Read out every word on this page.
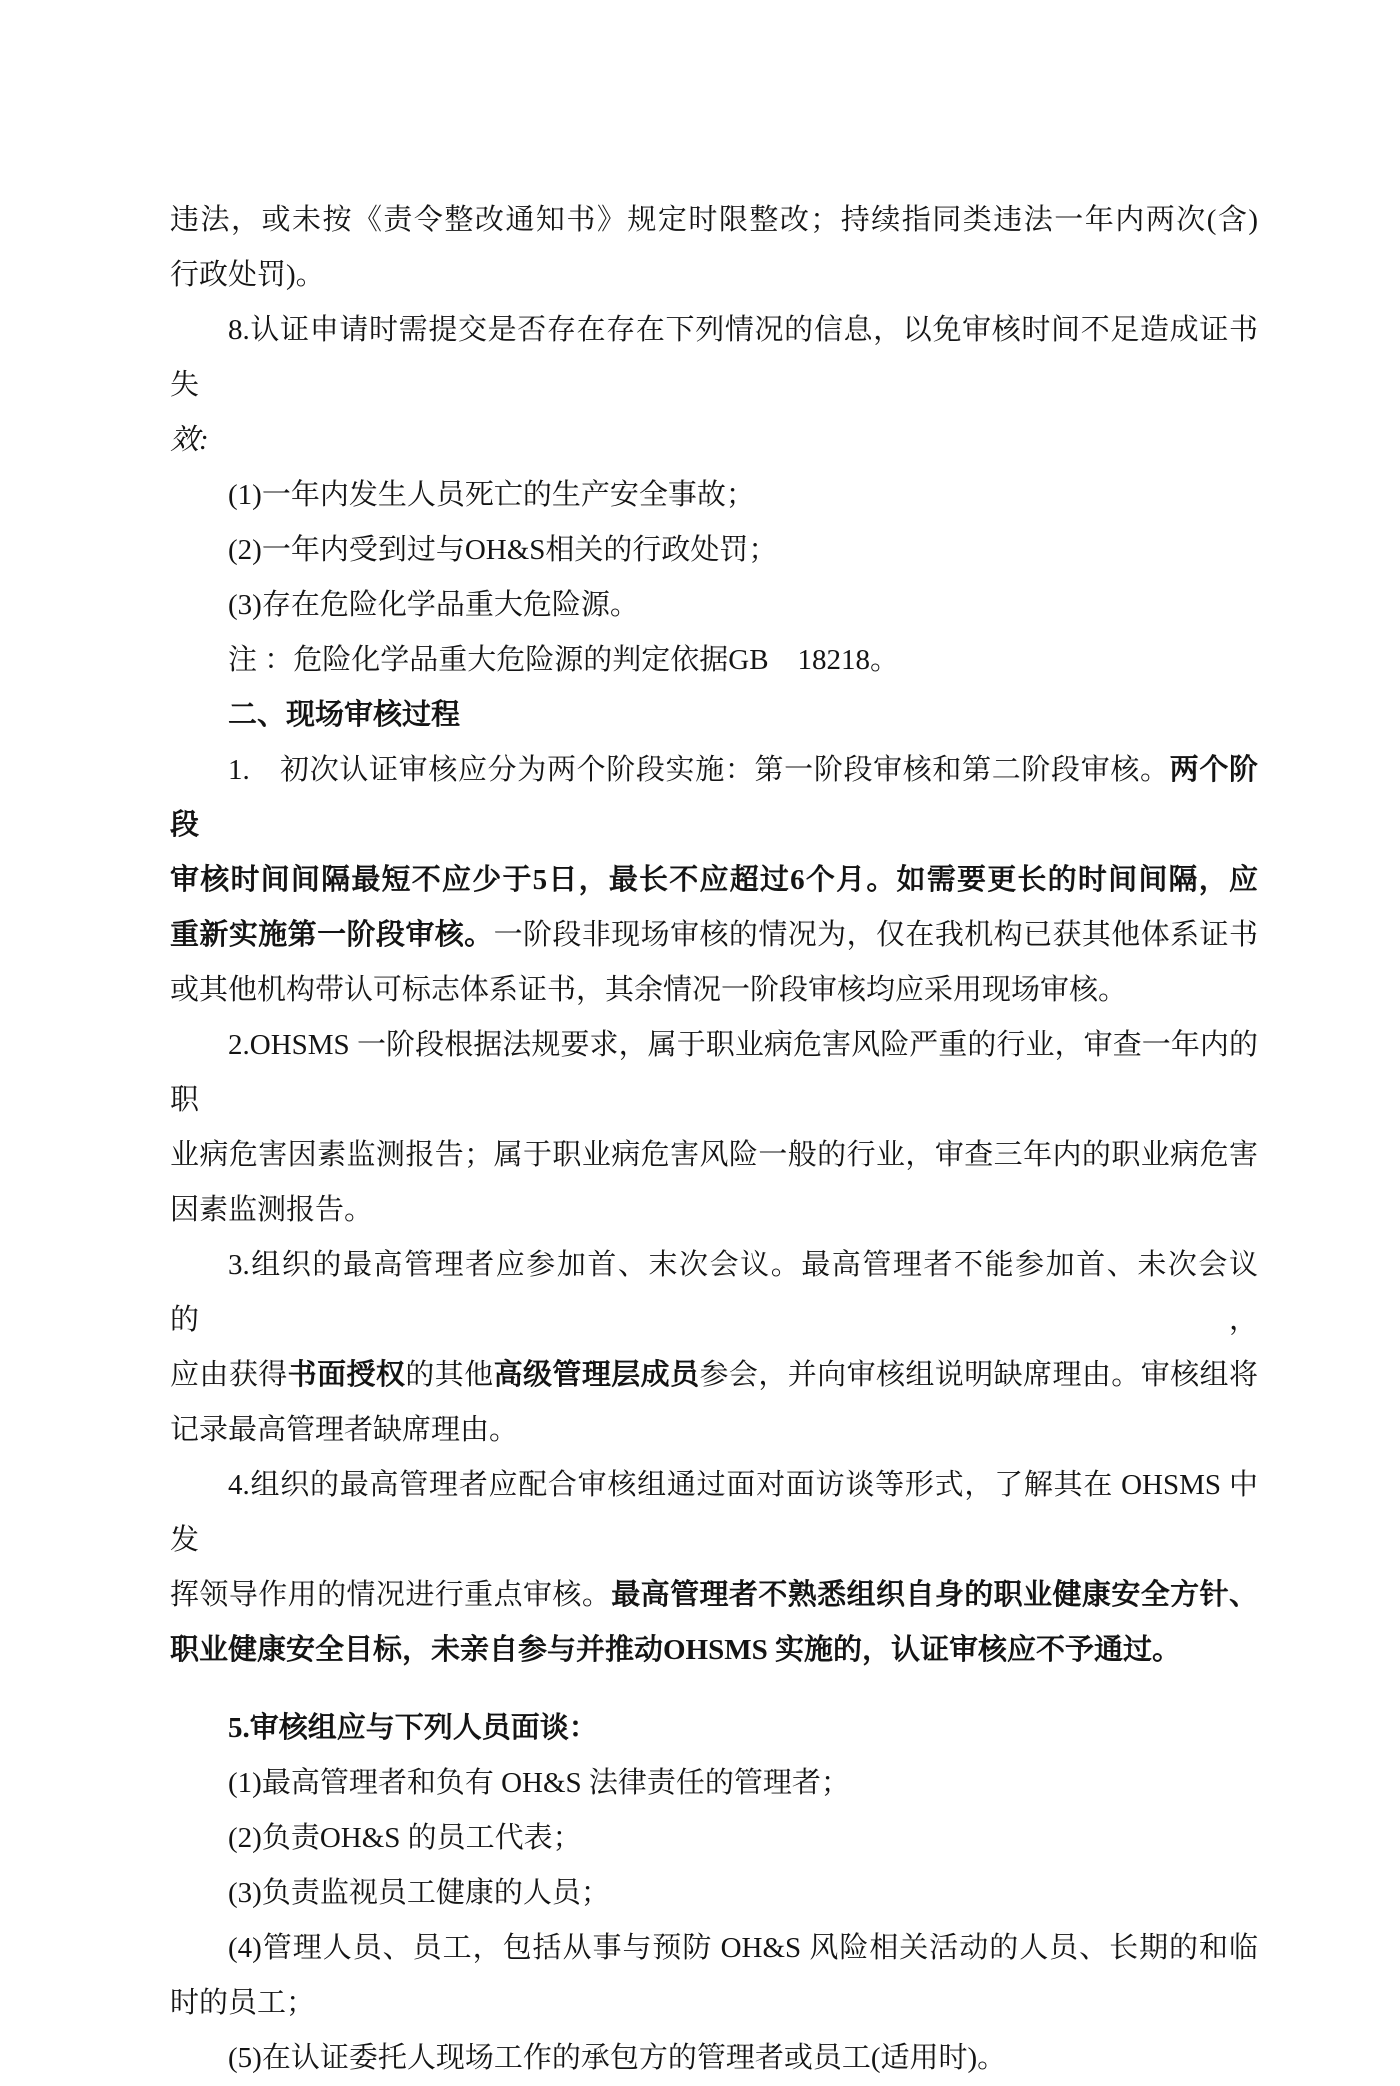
违法，或未按《责令整改通知书》规定时限整改；持续指同类违法一年内两次(含)
行政处罚)。
8.认证申请时需提交是否存在存在下列情况的信息，以免审核时间不足造成证书失
效:
(1)一年内发生人员死亡的生产安全事故；
(2)一年内受到过与OH&S相关的行政处罚；
(3)存在危险化学品重大危险源。
注 ：危险化学品重大危险源的判定依据GB　18218。
二、现场审核过程
1.　初次认证审核应分为两个阶段实施：第一阶段审核和第二阶段审核。两个阶段
审核时间间隔最短不应少于5日，最长不应超过6个月。如需要更长的时间间隔，应
重新实施第一阶段审核。一阶段非现场审核的情况为，仅在我机构已获其他体系证书
或其他机构带认可标志体系证书，其余情况一阶段审核均应采用现场审核。
2.OHSMS 一阶段根据法规要求，属于职业病危害风险严重的行业，审查一年内的职
业病危害因素监测报告；属于职业病危害风险一般的行业，审查三年内的职业病危害
因素监测报告。
3.组织的最高管理者应参加首、末次会议。最高管理者不能参加首、未次会议的，
应由获得书面授权的其他高级管理层成员参会，并向审核组说明缺席理由。审核组将
记录最高管理者缺席理由。
4.组织的最高管理者应配合审核组通过面对面访谈等形式，了解其在 OHSMS 中发
挥领导作用的情况进行重点审核。最高管理者不熟悉组织自身的职业健康安全方针、
职业健康安全目标，未亲自参与并推动OHSMS 实施的，认证审核应不予通过。
5.审核组应与下列人员面谈：
(1)最高管理者和负有 OH&S 法律责任的管理者；
(2)负责OH&S 的员工代表；
(3)负责监视员工健康的人员；
(4)管理人员、员工，包括从事与预防 OH&S 风险相关活动的人员、长期的和临
时的员工；
(5)在认证委托人现场工作的承包方的管理者或员工(适用时)。
